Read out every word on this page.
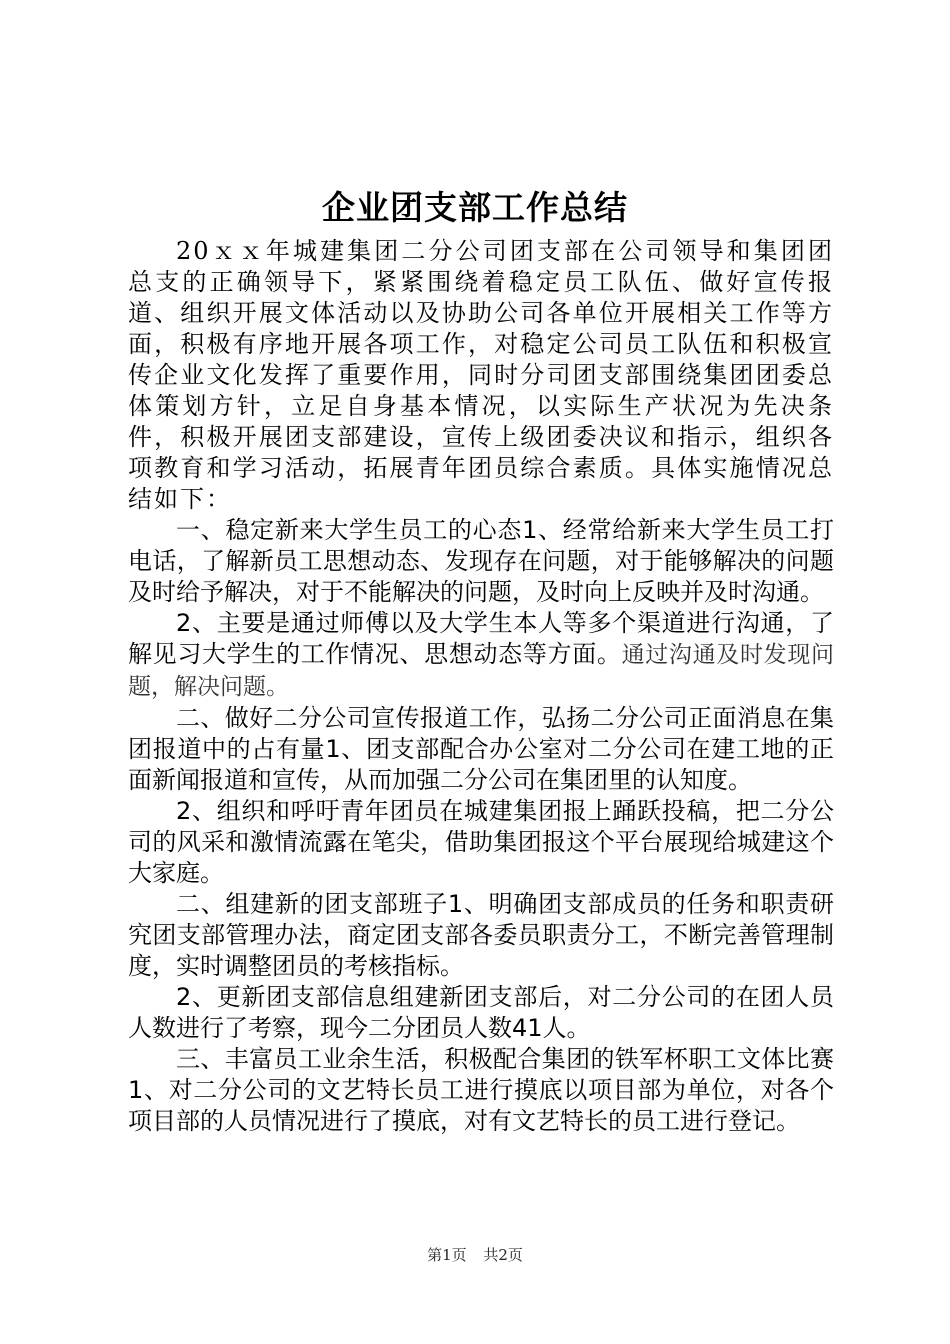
企业团支部工作总结

20ｘｘ年城建集团二分公司团支部在公司领导和集团团总支的正确领导下，紧紧围绕着稳定员工队伍、做好宣传报道、组织开展文体活动以及协助公司各单位开展相关工作等方面，积极有序地开展各项工作，对稳定公司员工队伍和积极宣传企业文化发挥了重要作用，同时分司团支部围绕集团团委总体策划方针，立足自身基本情况，以实际生产状况为先决条件，积极开展团支部建设，宣传上级团委决议和指示，组织各项教育和学习活动，拓展青年团员综合素质。具体实施情况总结如下：

一、稳定新来大学生员工的心态1、经常给新来大学生员工打电话，了解新员工思想动态、发现存在问题，对于能够解决的问题及时给予解决，对于不能解决的问题，及时向上反映并及时沟通。

2、主要是通过师傅以及大学生本人等多个渠道进行沟通，了解见习大学生的工作情况、思想动态等方面。通过沟通及时发现问题，解决问题。

二、做好二分公司宣传报道工作，弘扬二分公司正面消息在集团报道中的占有量1、团支部配合办公室对二分公司在建工地的正面新闻报道和宣传，从而加强二分公司在集团里的认知度。

2、组织和呼吁青年团员在城建集团报上踊跃投稿，把二分公司的风采和激情流露在笔尖，借助集团报这个平台展现给城建这个大家庭。

二、组建新的团支部班子1、明确团支部成员的任务和职责研究团支部管理办法，商定团支部各委员职责分工，不断完善管理制度，实时调整团员的考核指标。

2、更新团支部信息组建新团支部后，对二分公司的在团人员人数进行了考察，现今二分团员人数41人。

三、丰富员工业余生活，积极配合集团的铁军杯职工文体比赛1、对二分公司的文艺特长员工进行摸底以项目部为单位，对各个项目部的人员情况进行了摸底，对有文艺特长的员工进行登记。

第1页 共2页
